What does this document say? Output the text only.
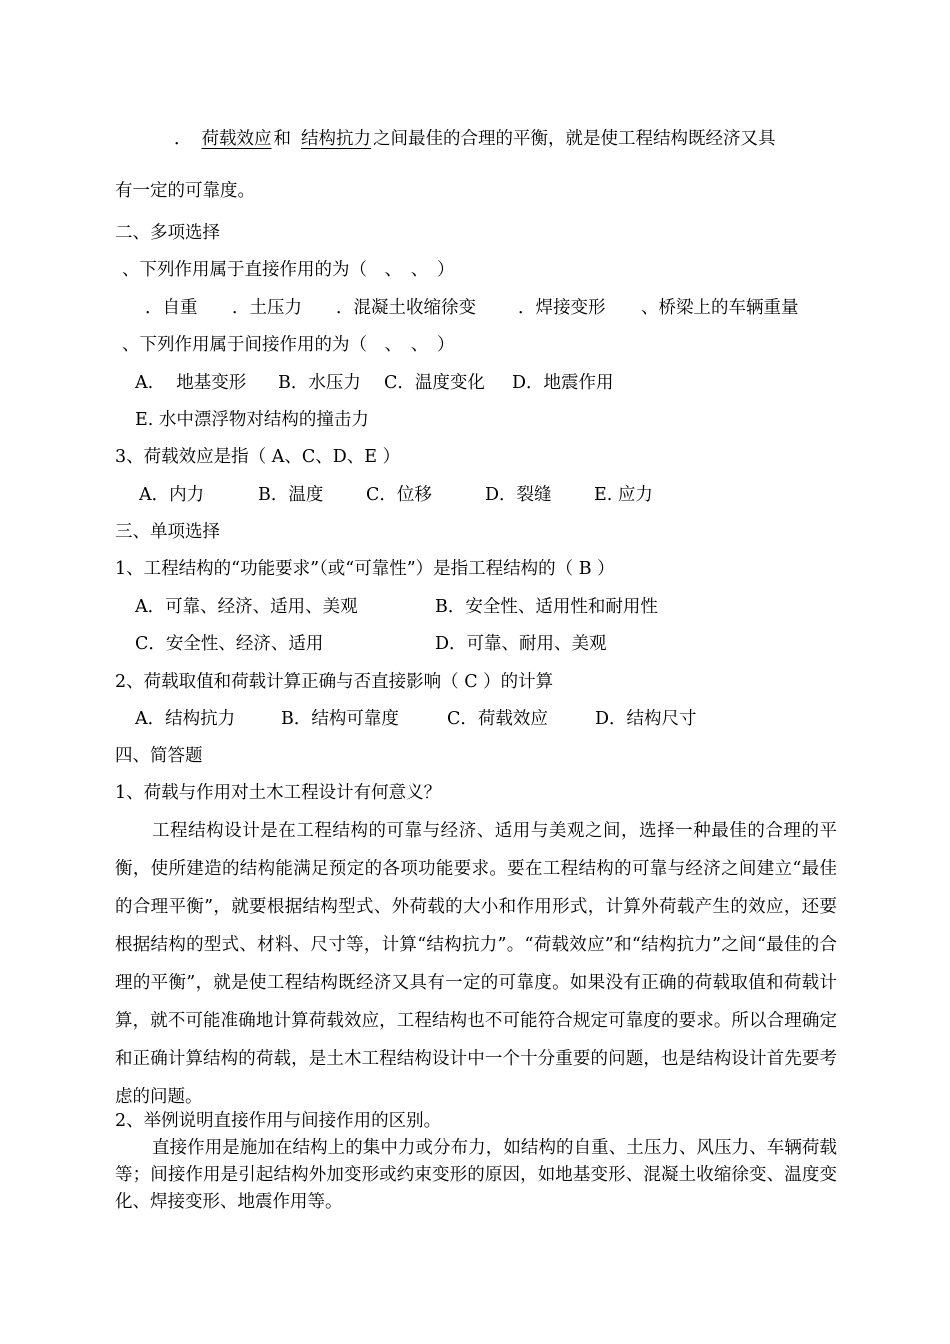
． 荷载效应 和 结构抗力 之间最佳的合理的平衡，就是使工程结构既经济又具
有一定的可靠度。
二、多项选择
、下列作用属于直接作用的为（　、　、　）
．自重 ．土压力 ．混凝土收缩徐变 ．焊接变形 、桥梁上的车辆重量
、下列作用属于间接作用的为（　、　、　）
A.　 地基变形 B．水压力 C．温度变化 D．地震作用
E. 水中漂浮物对结构的撞击力
3、荷载效应是指（ A、C、D、E ）
A．内力	B．温度 C．位移	D．裂缝 E. 应力
三、单项选择
1、工程结构的“功能要求”（或“可靠性”）是指工程结构的（ B ）
A．可靠、经济、适用、美观	B．安全性、适用性和耐用性
C．安全性、经济、适用	D．可靠、耐用、美观
2、荷载取值和荷载计算正确与否直接影响（ C ）的计算
A．结构抗力	B．结构可靠度	C．荷载效应	D．结构尺寸
四、简答题
1、荷载与作用对土木工程设计有何意义？

工程结构设计是在工程结构的可靠与经济、适用与美观之间，选择一种最佳的合理的平衡，使所建造的结构能满足预定的各项功能要求。要在工程结构的可靠与经济之间建立“最佳的合理平衡”，就要根据结构型式、外荷载的大小和作用形式，计算外荷载产生的效应，还要根据结构的型式、材料、尺寸等，计算“结构抗力”。“荷载效应”和“结构抗力”之间“最佳的合理的平衡”，就是使工程结构既经济又具有一定的可靠度。如果没有正确的荷载取值和荷载计算，就不可能准确地计算荷载效应，工程结构也不可能符合规定可靠度的要求。所以合理确定和正确计算结构的荷载，是土木工程结构设计中一个十分重要的问题，也是结构设计首先要考虑的问题。

2、举例说明直接作用与间接作用的区别。

直接作用是施加在结构上的集中力或分布力，如结构的自重、土压力、风压力、车辆荷载等；间接作用是引起结构外加变形或约束变形的原因，如地基变形、混凝土收缩徐变、温度变化、焊接变形、地震作用等。
